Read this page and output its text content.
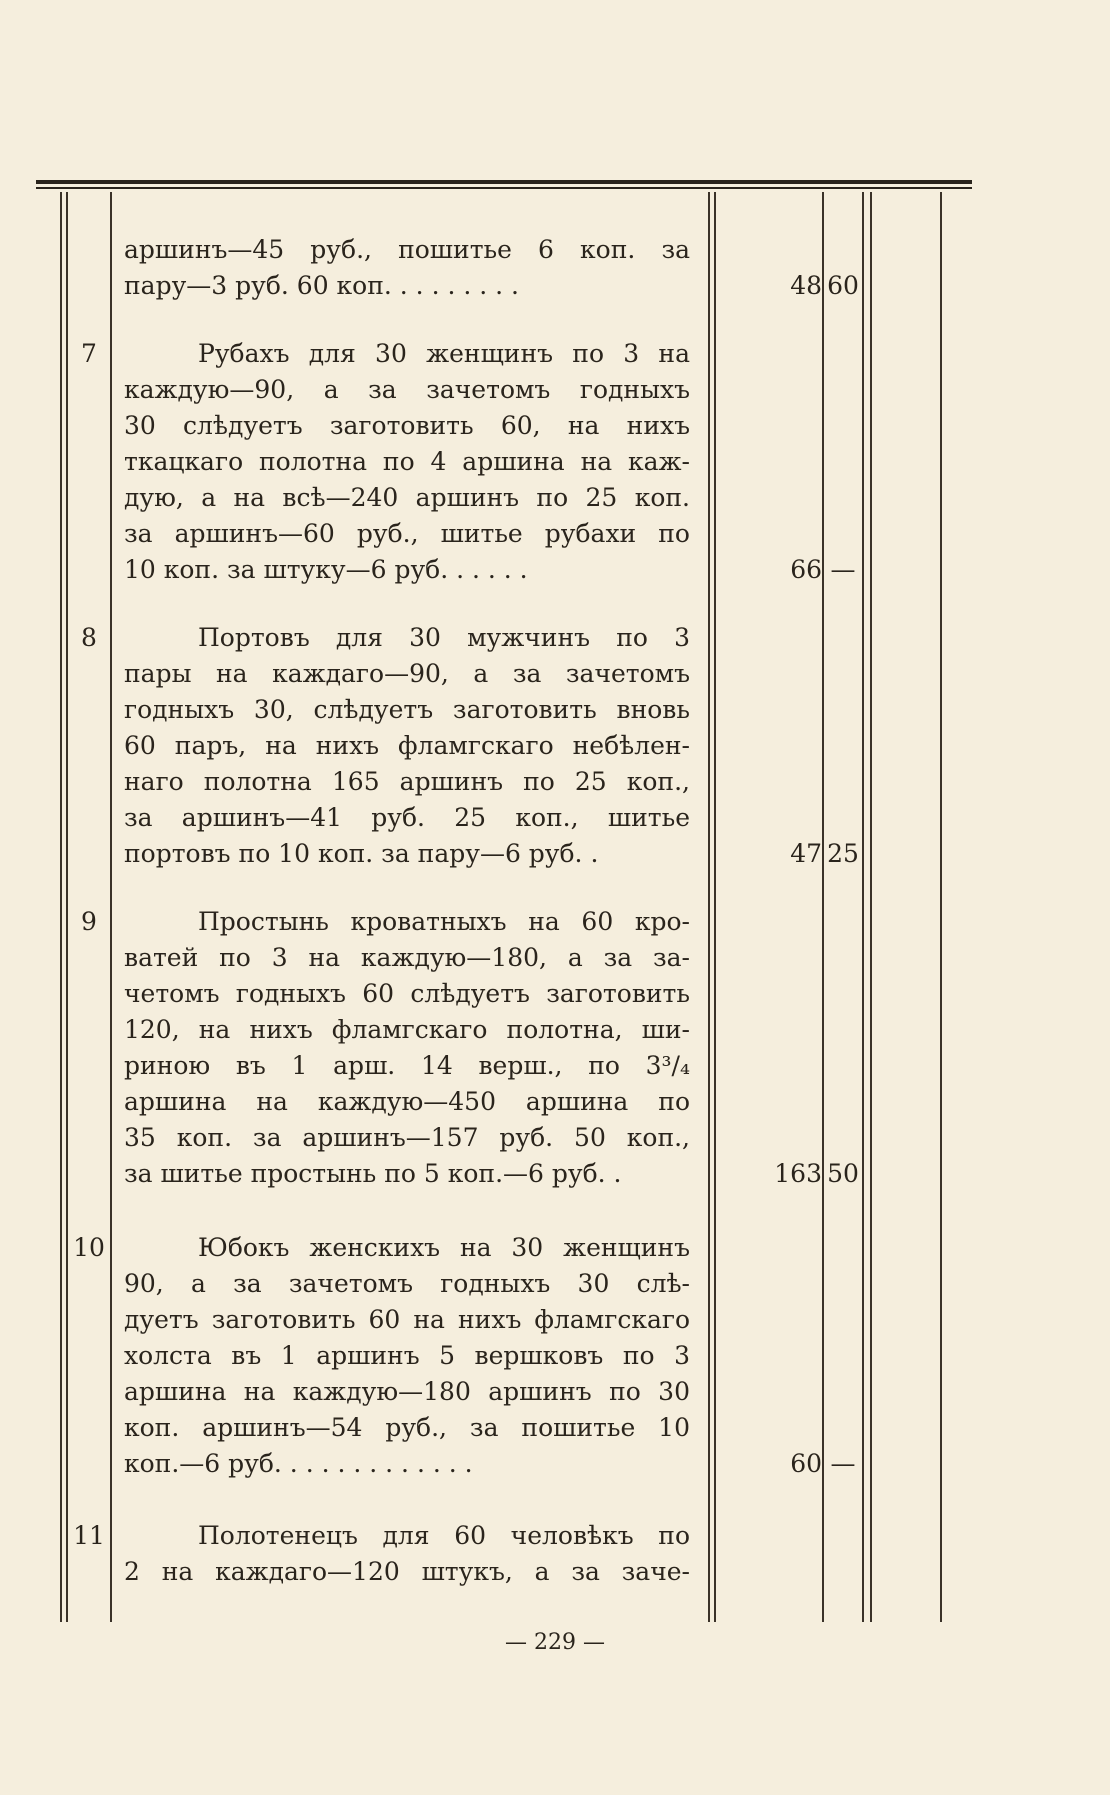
аршинъ—45 руб., пошитье 6 коп. за
пару—3 руб. 60 коп. . . . . . . . .	48 60
7	Рубахъ для 30 женщинъ по 3 на
каждую—90, а за зачетомъ годныхъ
30 слѣдуетъ заготовить 60, на нихъ
ткацкаго полотна по 4 аршина на каж-
дую, а на всѣ—240 аршинъ по 25 коп.
за аршинъ—60 руб., шитье рубахи по
10 коп. за штуку—6 руб. . . . . .	66 —
8	Портовъ для 30 мужчинъ по 3
пары на каждаго—90, а за зачетомъ
годныхъ 30, слѣдуетъ заготовить вновь
60 паръ, на нихъ фламгскаго небѣлен-
наго полотна 165 аршинъ по 25 коп.,
за аршинъ—41 руб. 25 коп., шитье
портовъ по 10 коп. за пару—6 руб. .	47 25
9	Простынь кроватныхъ на 60 кро-
ватей по 3 на каждую—180, а за за-
четомъ годныхъ 60 слѣдуетъ заготовить
120, на нихъ фламгскаго полотна, ши-
риною въ 1 арш. 14 верш., по 3³/₄
аршина на каждую—450 аршина по
35 коп. за аршинъ—157 руб. 50 коп.,
за шитье простынь по 5 коп.—6 руб. .	163 50
10	Юбокъ женскихъ на 30 женщинъ
90, а за зачетомъ годныхъ 30 слѣ-
дуетъ заготовить 60 на нихъ фламгскаго
холста въ 1 аршинъ 5 вершковъ по 3
аршина на каждую—180 аршинъ по 30
коп. аршинъ—54 руб., за пошитье 10
коп.—6 руб. . . . . . . . . . . . .	60 —
11	Полотенецъ для 60 человѣкъ по
2 на каждаго—120 штукъ, а за заче-
— 229 —
